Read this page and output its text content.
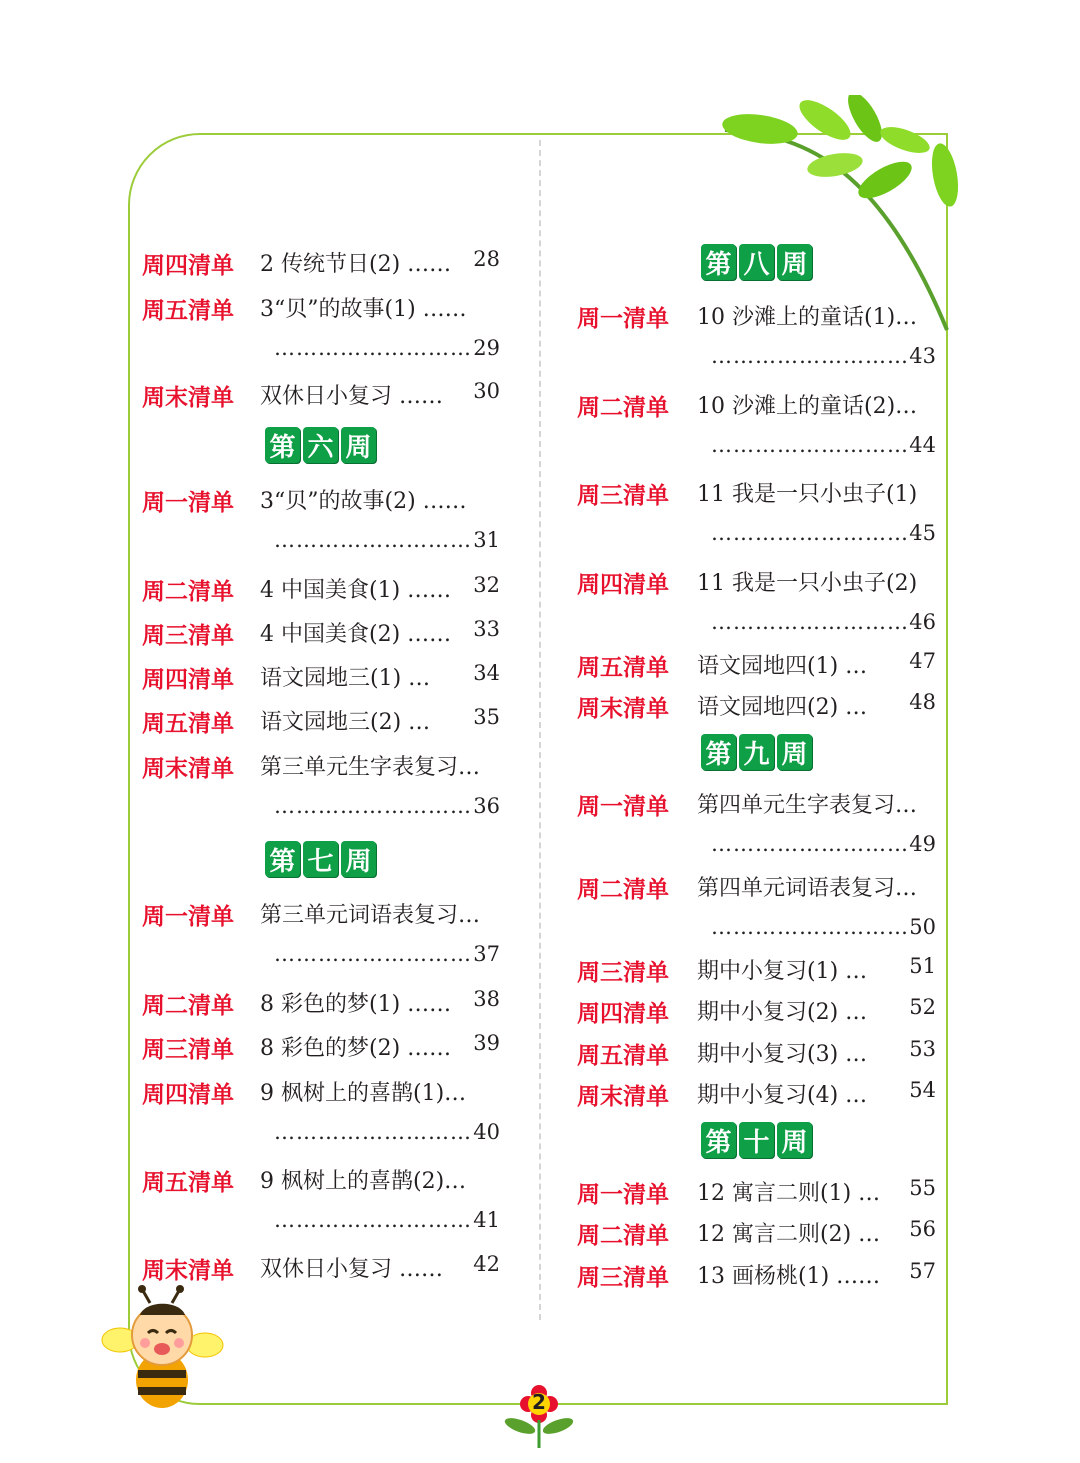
2
周四清单 2 传统节日(2) ……	28
周五清单 3“贝”的故事(1) ……
……………………… 29
周末清单 双休日小复习 ……	30
第 六 周
周一清单 3“贝”的故事(2) ……
……………………… 31
周二清单 4 中国美食(1) ……	32
周三清单 4 中国美食(2) ……	33
周四清单 语文园地三(1) …	34
周五清单 语文园地三(2) …	35
周末清单 第三单元生字表复习…
……………………… 36
第 七 周
周一清单 第三单元词语表复习…
……………………… 37
周二清单 8 彩色的梦(1) ……	38
周三清单 8 彩色的梦(2) ……	39
周四清单 9 枫树上的喜鹊(1)…
……………………… 40
周五清单 9 枫树上的喜鹊(2)…
……………………… 41
周末清单 双休日小复习 ……	42
第 八 周
周一清单 10 沙滩上的童话(1)…
……………………… 43
周二清单 10 沙滩上的童话(2)…
……………………… 44
周三清单 11 我是一只小虫子(1)
……………………… 45
周四清单 11 我是一只小虫子(2)
……………………… 46
周五清单 语文园地四(1) …	47
周末清单 语文园地四(2) …	48
第 九 周
周一清单 第四单元生字表复习…
……………………… 49
周二清单 第四单元词语表复习…
……………………… 50
周三清单 期中小复习(1) …	51
周四清单 期中小复习(2) …	52
周五清单 期中小复习(3) …	53
周末清单 期中小复习(4) …	54
第 十 周
周一清单 12 寓言二则(1) …	55
周二清单 12 寓言二则(2) …	56
周三清单 13 画杨桃(1) ……	57
